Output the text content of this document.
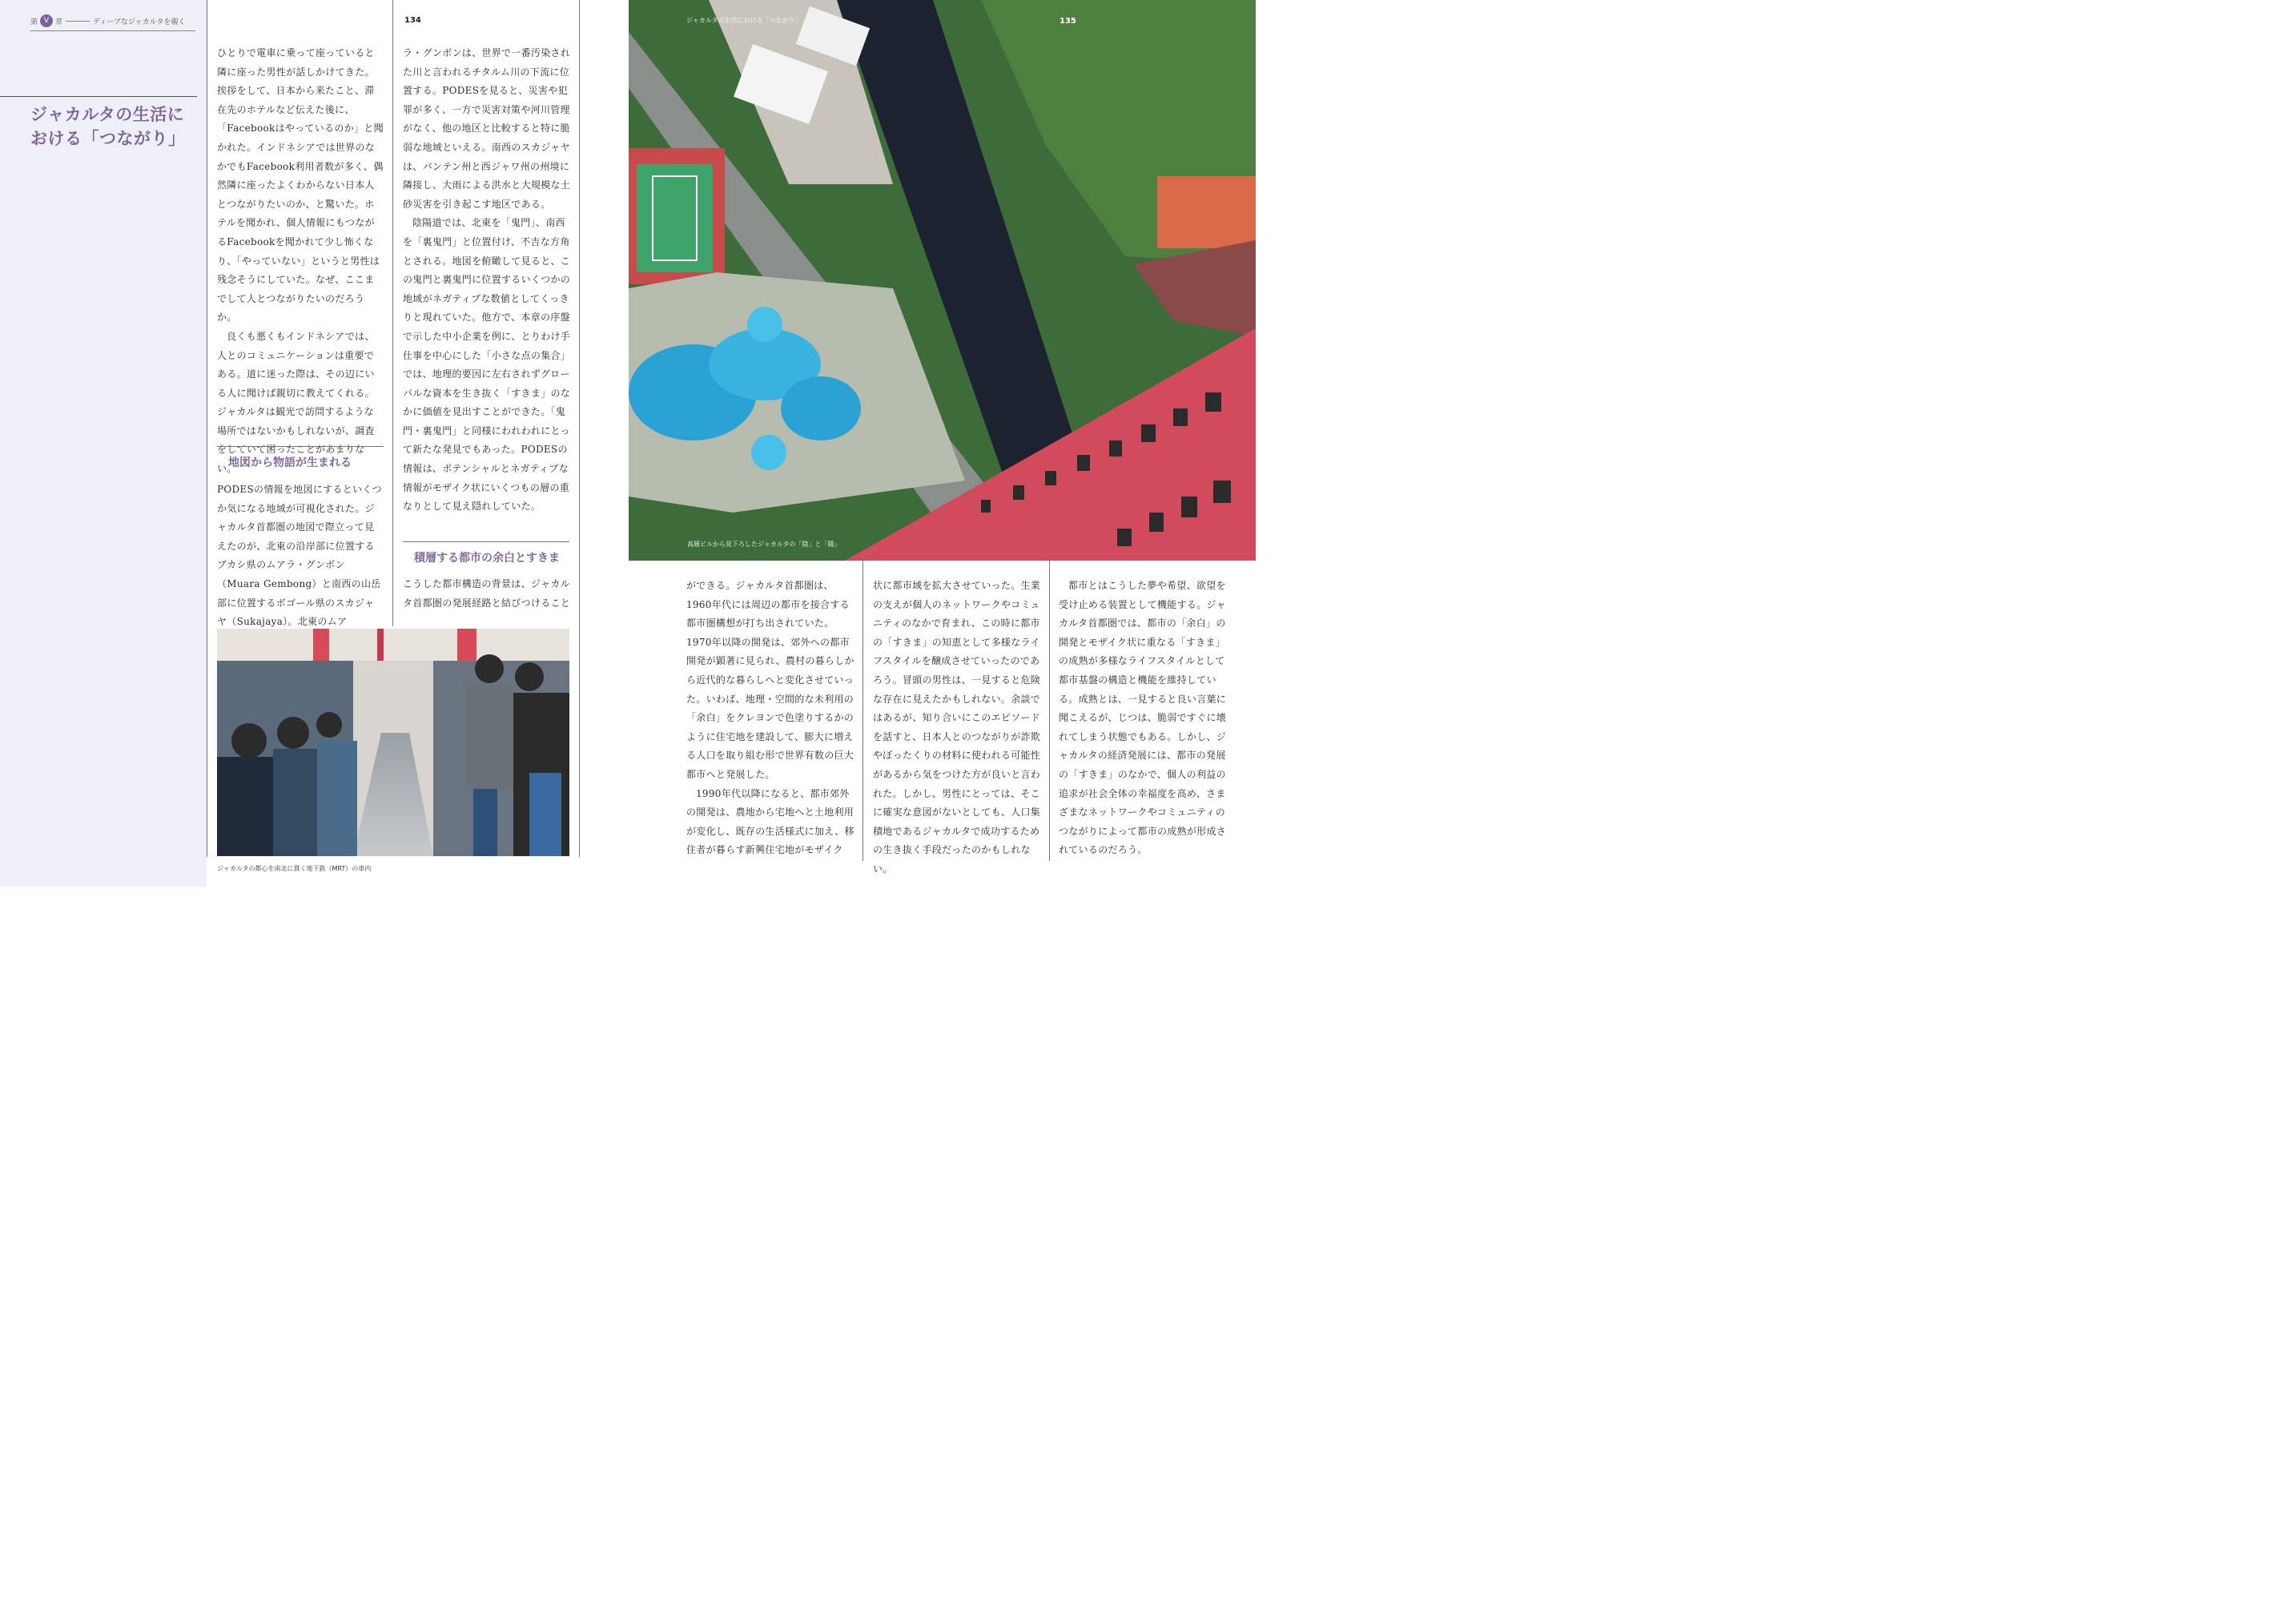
第 V 章	ディープなジャカルタを覗く
ジャカルタの生活に
おける「つながり」
134

ひとりで電車に乗って座っていると隣に座った男性が話しかけてきた。挨拶をして、日本から来たこと、滞在先のホテルなど伝えた後に、「Facebookはやっているのか」と聞かれた。インドネシアでは世界のなかでもFacebook利用者数が多く、偶然隣に座ったよくわからない日本人とつながりたいのか、と驚いた。ホテルを聞かれ、個人情報にもつながるFacebookを聞かれて少し怖くなり、「やっていない」というと男性は残念そうにしていた。なぜ、ここまでして人とつながりたいのだろうか。

良くも悪くもインドネシアでは、人とのコミュニケーションは重要である。道に迷った際は、その辺にいる人に聞けば親切に教えてくれる。ジャカルタは観光で訪問するような場所ではないかもしれないが、調査をしていて困ったことがあまりない。

地図から物語が生まれる

PODESの情報を地図にするといくつか気になる地域が可視化された。ジャカルタ首都圏の地図で際立って見えたのが、北東の沿岸部に位置するブカシ県のムアラ・グンボン（Muara Gembong）と南西の山岳部に位置するボゴール県のスカジャヤ（Sukajaya）。北東のムア

ラ・グンボンは、世界で一番汚染された川と言われるチタルム川の下流に位置する。PODESを見ると、災害や犯罪が多く、一方で災害対策や河川管理がなく、他の地区と比較すると特に脆弱な地域といえる。南西のスカジャヤは、バンテン州と西ジャワ州の州境に隣接し、大雨による洪水と大規模な土砂災害を引き起こす地区である。

陰陽道では、北東を「鬼門」、南西を「裏鬼門」と位置付け、不吉な方角とされる。地図を俯瞰して見ると、この鬼門と裏鬼門に位置するいくつかの地域がネガティブな数値としてくっきりと現れていた。他方で、本章の序盤で示した中小企業を例に、とりわけ手仕事を中心にした「小さな点の集合」では、地理的要因に左右されずグローバルな資本を生き抜く「すきま」のなかに価値を見出すことができた。「鬼門・裏鬼門」と同様にわれわれにとって新たな発見でもあった。PODESの情報は、ポテンシャルとネガティブな情報がモザイク状にいくつもの層の重なりとして見え隠れしていた。

積層する都市の余白とすきま

こうした都市構造の背景は、ジャカルタ首都圏の発展経路と結びつけること

ジャカルタの都心を南北に貫く地下鉄（MRT）の車内
ジャカルタの生活における「つながり」	135
高層ビルから見下ろしたジャカルタの「陰」と「陽」

ができる。ジャカルタ首都圏は、1960年代には周辺の都市を接合する都市圏構想が打ち出されていた。1970年以降の開発は、郊外への都市開発が顕著に見られ、農村の暮らしから近代的な暮らしへと変化させていった。いわば、地理・空間的な未利用の「余白」をクレヨンで色塗りするかのように住宅地を建設して、膨大に増える人口を取り組む形で世界有数の巨大都市へと発展した。

1990年代以降になると、都市郊外の開発は、農地から宅地へと土地利用が変化し、既存の生活様式に加え、移住者が暮らす新興住宅地がモザイク

状に都市域を拡大させていった。生業の支えが個人のネットワークやコミュニティのなかで育まれ、この時に都市の「すきま」の知恵として多様なライフスタイルを醸成させていったのであろう。冒頭の男性は、一見すると危険な存在に見えたかもしれない。余談ではあるが、知り合いにこのエピソードを話すと、日本人とのつながりが詐欺やぼったくりの材料に使われる可能性があるから気をつけた方が良いと言われた。しかし、男性にとっては、そこに確実な意図がないとしても、人口集積地であるジャカルタで成功するための生き抜く手段だったのかもしれない。

都市とはこうした夢や希望、欲望を受け止める装置として機能する。ジャカルタ首都圏では、都市の「余白」の開発とモザイク状に重なる「すきま」の成熟が多様なライフスタイルとして都市基盤の構造と機能を維持している。成熟とは、一見すると良い言葉に聞こえるが、じつは、脆弱ですぐに壊れてしまう状態でもある。しかし、ジャカルタの経済発展には、都市の発展の「すきま」のなかで、個人の利益の追求が社会全体の幸福度を高め、さまざまなネットワークやコミュニティのつながりによって都市の成熟が形成されているのだろう。
